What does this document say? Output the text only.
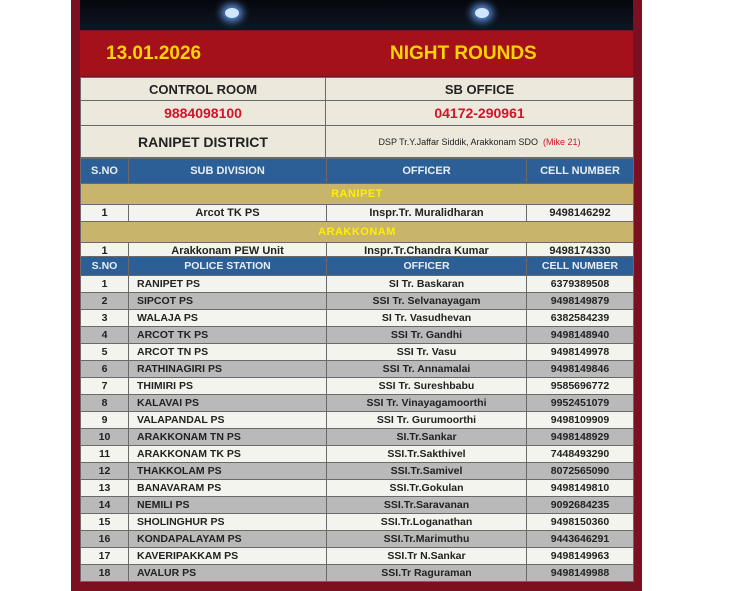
13.01.2026	NIGHT ROUNDS
CONTROL ROOM	SB OFFICE
9884098100	04172-290961
RANIPET DISTRICT	DSP Tr.Y.Jaffar Siddik, Arakkonam SDO (Mike 21)
S.NO	SUB DIVISION	OFFICER	CELL NUMBER
RANIPET			
1	Arcot TK PS	Inspr.Tr. Muralidharan	9498146292
ARAKKONAM			
1	Arakkonam PEW Unit	Inspr.Tr.Chandra Kumar	9498174330
S.NO	POLICE STATION	OFFICER	CELL NUMBER
1	RANIPET PS	SI Tr. Baskaran	6379389508
2	SIPCOT PS	SSI Tr. Selvanayagam	9498149879
3	WALAJA PS	SI Tr. Vasudhevan	6382584239
4	ARCOT TK PS	SSI Tr. Gandhi	9498148940
5	ARCOT TN PS	SSI Tr. Vasu	9498149978
6	RATHINAGIRI PS	SSI Tr. Annamalai	9498149846
7	THIMIRI PS	SSI Tr. Sureshbabu	9585696772
8	KALAVAI PS	SSI Tr. Vinayagamoorthi	9952451079
9	VALAPANDAL PS	SSI Tr. Gurumoorthi	9498109909
10	ARAKKONAM TN PS	SI.Tr.Sankar	9498148929
11	ARAKKONAM TK PS	SSI.Tr.Sakthivel	7448493290
12	THAKKOLAM PS	SSI.Tr.Samivel	8072565090
13	BANAVARAM PS	SSI.Tr.Gokulan	9498149810
14	NEMILI PS	SSI.Tr.Saravanan	9092684235
15	SHOLINGHUR PS	SSI.Tr.Loganathan	9498150360
16	KONDAPALAYAM PS	SSI.Tr.Marimuthu	9443646291
17	KAVERIPAKKAM PS	SSI.Tr N.Sankar	9498149963
18	AVALUR PS	SSI.Tr Raguraman	9498149988
